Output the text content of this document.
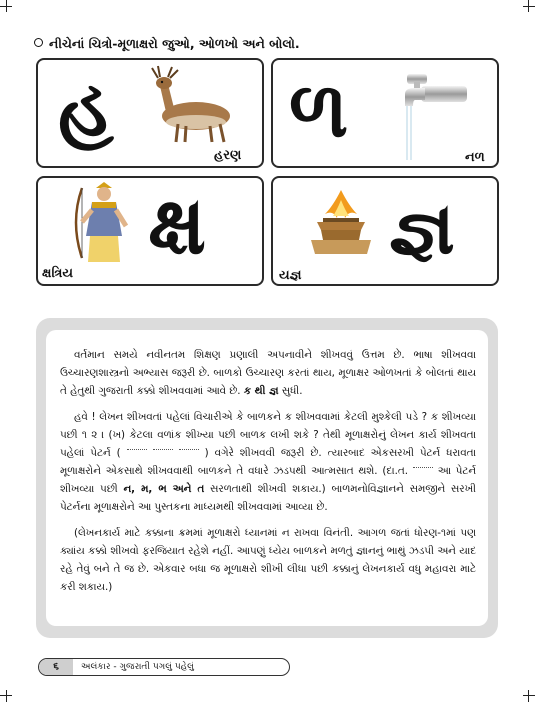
નીચેનાં ચિત્રો-મૂળાક્ષરો જુઓ, ઓળખો અને બોલો.
હ
હરણ
ળ
નળ
ક્ષ
ક્ષત્રિય
જ્ઞ
યજ્ઞ

વર્તમાન સમયે નવીનતમ શિક્ષણ પ્રણાલી અપનાવીને શીખવવું ઉત્તમ છે. ભાષા શીખવવા ઉચ્ચારણશાસ્ત્રનો અભ્યાસ જરૂરી છે. બાળકો ઉચ્ચારણ કરતાં થાય, મૂળાક્ષર ઓળખતાં કે બોલતાં થાય તે હેતુથી ગુજરાતી કક્કો શીખવવામાં આવે છે. ક થી જ્ઞ સુધી.

હવે ! લેખન શીખવતાં પહેલાં વિચારીએ કે બાળકને ક શીખવવામાં કેટલી મુશ્કેલી પડે ? ક શીખવ્યા પછી ૧ ૨ । (ખ) કેટલા વળાંક શીખ્યા પછી બાળક લખી શકે ? તેથી મૂળાક્ષરોનું લેખન કાર્ય શીખવતા પહેલાં પેટર્ન (	) વગેરે શીખવવી જરૂરી છે. ત્યારબાદ એકસરખી પેટર્ન ધરાવતા મૂળાક્ષરોને એકસાથે શીખવવાથી બાળકને તે વધારે ઝડપથી આત્મસાત થશે. (દા.ત.	આ પેટર્ન શીખવ્યા પછી ન, મ, ભ અને ત સરળતાથી શીખવી શકાય.) બાળમનોવિજ્ઞાનને સમજીને સરખી પેટર્નના મૂળાક્ષરોને આ પુસ્તકના માધ્યમથી શીખવવામાં આવ્યા છે.

(લેખનકાર્ય માટે કક્કાના ક્રમમાં મૂળાક્ષરો ધ્યાનમાં ન રાખવા વિનંતી. આગળ જતાં ધોરણ-૧માં પણ ક્યાંય કક્કો શીખવો ફરજિયાત રહેશે નહીં. આપણું ધ્યેય બાળકને મળતું જ્ઞાનનું ભાથું ઝડપી અને યાદ રહે તેવું બને તે જ છે. એકવાર બધા જ મૂળાક્ષરો શીખી લીધા પછી કક્કાનું લેખનકાર્ય વધુ મહાવરા માટે કરી શકાય.)

૬	અલંકાર - ગુજરાતી પગલું પહેલું
